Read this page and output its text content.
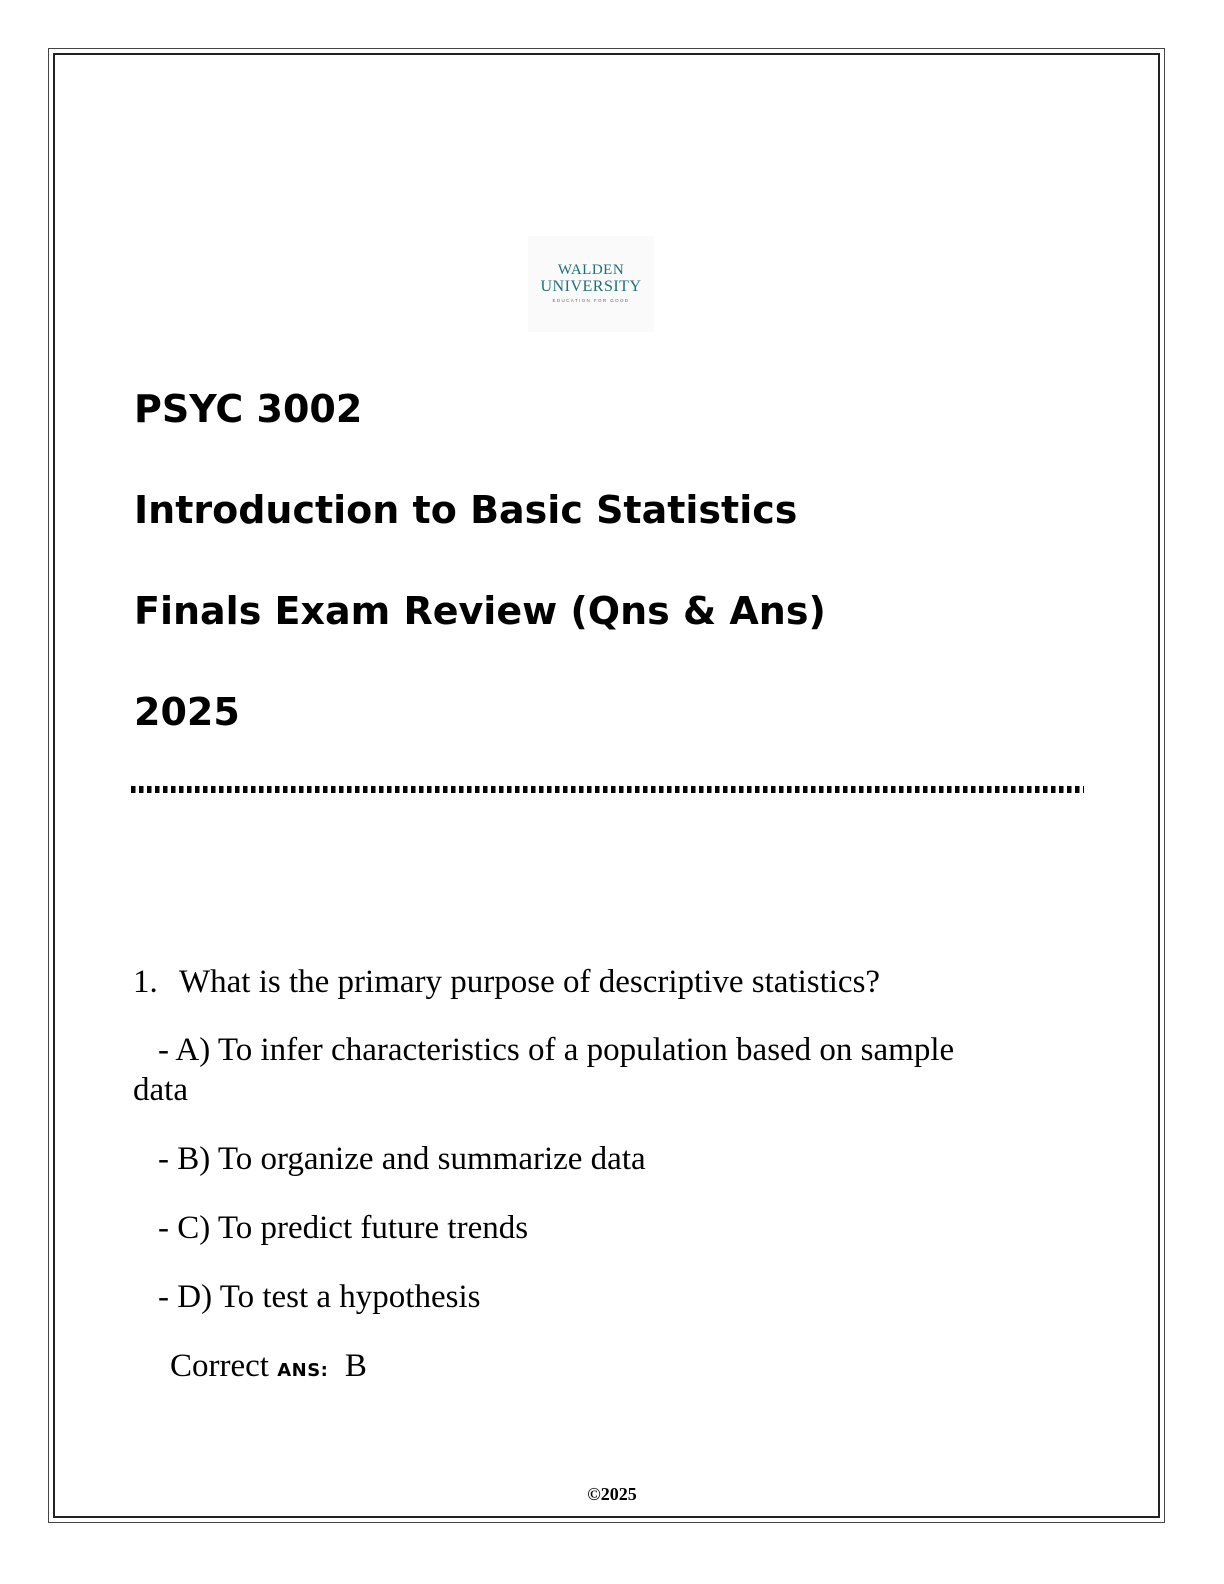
WALDEN
UNIVERSITY
EDUCATION FOR GOOD
PSYC 3002
Introduction to Basic Statistics
Finals Exam Review (Qns & Ans)
2025
1. What is the primary purpose of descriptive statistics?
- A) To infer characteristics of a population based on sample
data
- B) To organize and summarize data
- C) To predict future trends
- D) To test a hypothesis
Correct ANS: B
©2025
